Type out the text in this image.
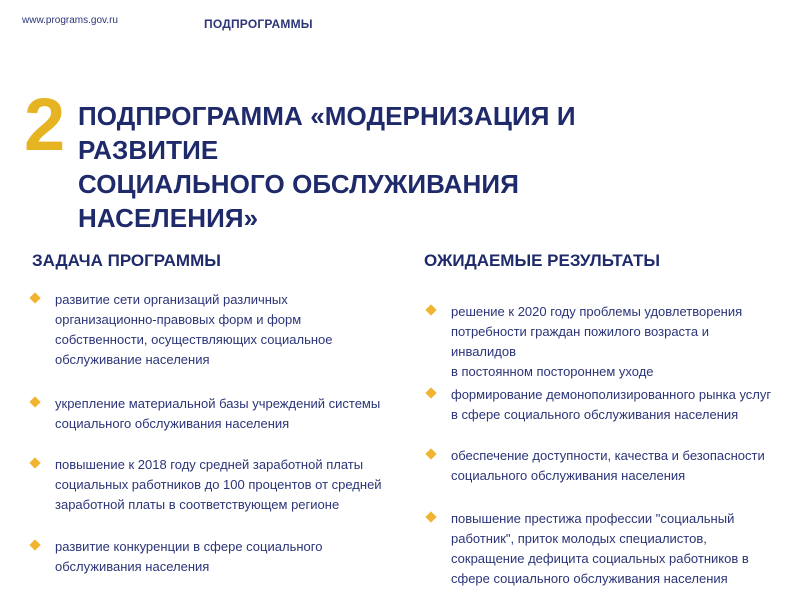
www.programs.gov.ru	ПОДПРОГРАММЫ
2 ПОДПРОГРАММА «МОДЕРНИЗАЦИЯ И РАЗВИТИЕ
СОЦИАЛЬНОГО ОБСЛУЖИВАНИЯ НАСЕЛЕНИЯ»
ЗАДАЧА ПРОГРАММЫ	ОЖИДАЕМЫЕ РЕЗУЛЬТАТЫ
развитие сети организаций различных
организационно-правовых форм и форм
собственности, осуществляющих социальное
обслуживание населения
укрепление материальной базы учреждений системы
социального обслуживания населения
повышение к 2018 году средней заработной платы
социальных работников до 100 процентов от средней
заработной платы в соответствующем регионе
развитие конкуренции в сфере социального
обслуживания населения
решение к 2020 году проблемы удовлетворения
потребности граждан пожилого возраста и инвалидов
в постоянном постороннем уходе
формирование демонополизированного рынка услуг
в сфере социального обслуживания населения
обеспечение доступности, качества и безопасности
социального обслуживания населения
повышение престижа профессии "социальный
работник", приток молодых специалистов,
сокращение дефицита социальных работников в
сфере социального обслуживания населения
